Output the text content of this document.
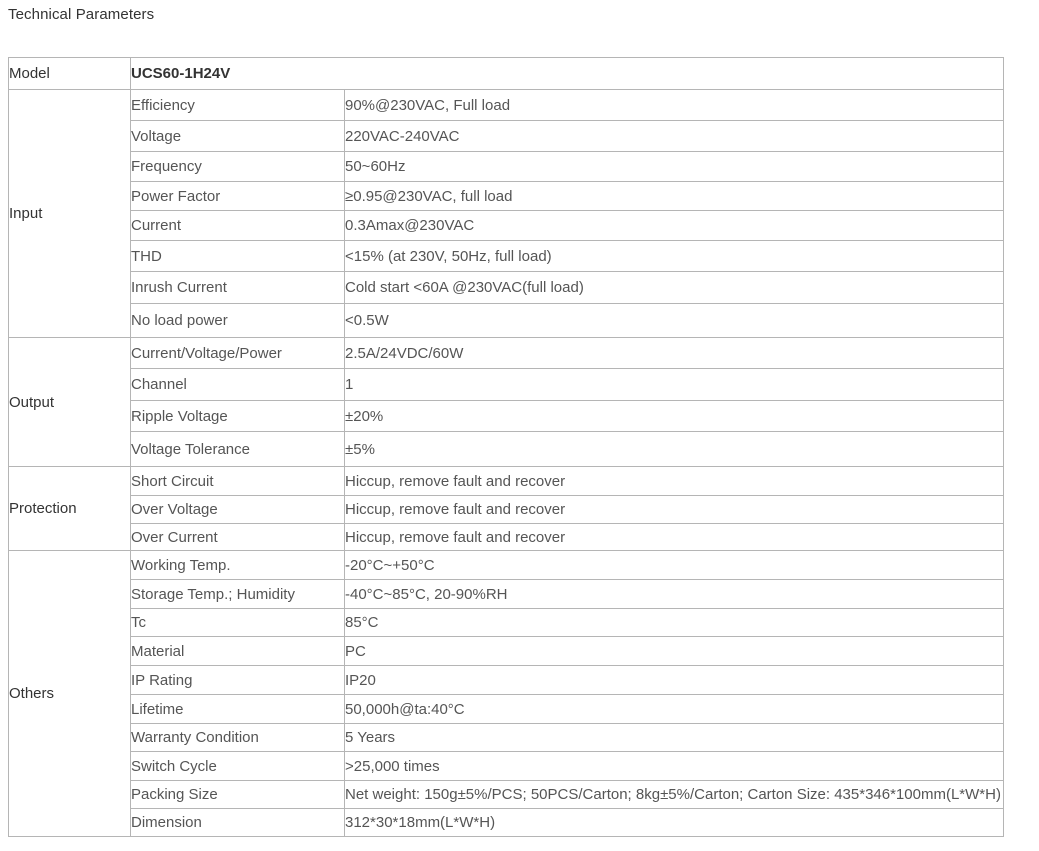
Technical Parameters
Model	UCS60-1H24V	
Input	Efficiency	90%@230VAC, Full load
	Voltage	220VAC-240VAC
	Frequency	50~60Hz
	Power Factor	≥0.95@230VAC, full load
	Current	0.3Amax@230VAC
	THD	<15% (at 230V, 50Hz, full load)
	Inrush Current	Cold start <60A @230VAC(full load)
	No load power	<0.5W
Output	Current/Voltage/Power	2.5A/24VDC/60W
	Channel	1
	Ripple Voltage	±20%
	Voltage Tolerance	±5%
Protection	Short Circuit	Hiccup, remove fault and recover
	Over Voltage	Hiccup, remove fault and recover
	Over Current	Hiccup, remove fault and recover
Others	Working Temp.	-20°C~+50°C
	Storage Temp.; Humidity	-40°C~85°C, 20-90%RH
	Tc	85°C
	Material	PC
	IP Rating	IP20
	Lifetime	50,000h@ta:40°C
	Warranty Condition	5 Years
	Switch Cycle	>25,000 times
	Packing Size	Net weight: 150g±5%/PCS; 50PCS/Carton; 8kg±5%/Carton; Carton Size: 435*346*100mm(L*W*H)
	Dimension	312*30*18mm(L*W*H)
